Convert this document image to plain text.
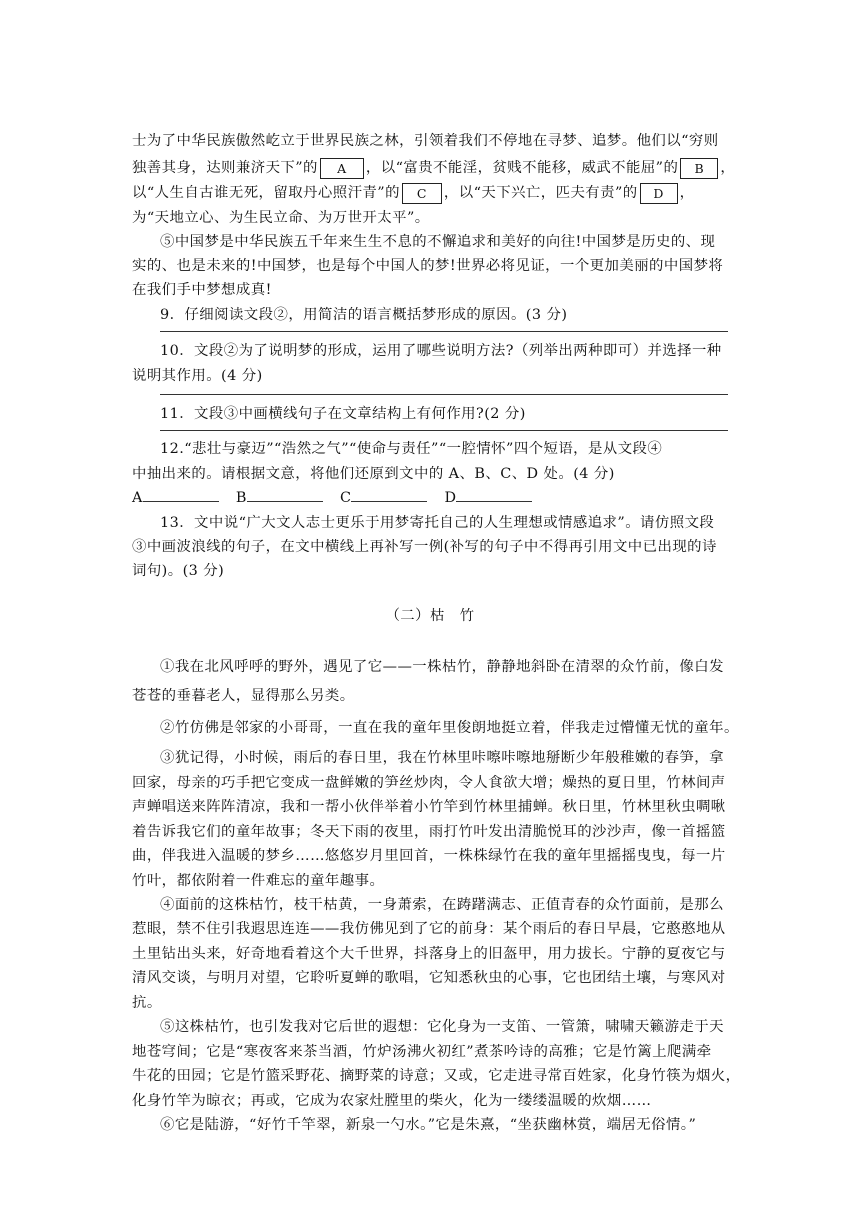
士为了中华民族傲然屹立于世界民族之林，引领着我们不停地在寻梦、追梦。他们以“穷则
独善其身，达则兼济天下”的 A ，以“富贵不能淫，贫贱不能移，威武不能屈”的 B ，
以“人生自古谁无死，留取丹心照汗青”的 C ，以“天下兴亡，匹夫有责”的 D ，
为“天地立心、为生民立命、为万世开太平”。
⑤中国梦是中华民族五千年来生生不息的不懈追求和美好的向往!中国梦是历史的、现
实的、也是未来的!中国梦，也是每个中国人的梦!世界必将见证，一个更加美丽的中国梦将
在我们手中梦想成真!
9．仔细阅读文段②，用简洁的语言概括梦形成的原因。(3 分)
10．文段②为了说明梦的形成，运用了哪些说明方法?（列举出两种即可）并选择一种
说明其作用。(4 分)
11．文段③中画横线句子在文章结构上有何作用?(2 分)
12.“悲壮与豪迈”“浩然之气”“使命与责任”“一腔情怀”四个短语，是从文段④
中抽出来的。请根据文意，将他们还原到文中的 A、B、C、D 处。(4 分)
A	B	C	D
13．文中说“广大文人志士更乐于用梦寄托自己的人生理想或情感追求”。请仿照文段
③中画波浪线的句子，在文中横线上再补写一例(补写的句子中不得再引用文中已出现的诗
词句)。(3 分)
（二）枯　竹
①我在北风呼呼的野外，遇见了它——一株枯竹，静静地斜卧在清翠的众竹前，像白发
苍苍的垂暮老人，显得那么另类。
②竹仿佛是邻家的小哥哥，一直在我的童年里俊朗地挺立着，伴我走过懵懂无忧的童年。
③犹记得，小时候，雨后的春日里，我在竹林里咔嚓咔嚓地掰断少年般稚嫩的春笋，拿
回家，母亲的巧手把它变成一盘鲜嫩的笋丝炒肉，令人食欲大增；燥热的夏日里，竹林间声
声蝉唱送来阵阵清凉，我和一帮小伙伴举着小竹竿到竹林里捕蝉。秋日里，竹林里秋虫啁啾
着告诉我它们的童年故事；冬天下雨的夜里，雨打竹叶发出清脆悦耳的沙沙声，像一首摇篮
曲，伴我进入温暖的梦乡……悠悠岁月里回首，一株株绿竹在我的童年里摇摇曳曳，每一片
竹叶，都依附着一件难忘的童年趣事。
④面前的这株枯竹，枝干枯黄，一身萧索，在踌躇满志、正值青春的众竹面前，是那么
惹眼，禁不住引我遐思连连——我仿佛见到了它的前身：某个雨后的春日早晨，它憨憨地从
土里钻出头来，好奇地看着这个大千世界，抖落身上的旧盔甲，用力拔长。宁静的夏夜它与
清风交谈，与明月对望，它聆听夏蝉的歌唱，它知悉秋虫的心事，它也团结土壤，与寒风对
抗。
⑤这株枯竹，也引发我对它后世的遐想：它化身为一支笛、一管箫，啸啸天籁游走于天
地苍穹间；它是“寒夜客来茶当酒，竹炉汤沸火初红”煮茶吟诗的高雅；它是竹篱上爬满牵
牛花的田园；它是竹篮采野花、摘野菜的诗意；又或，它走进寻常百姓家，化身竹筷为烟火，
化身竹竿为晾衣；再或，它成为农家灶膛里的柴火，化为一缕缕温暖的炊烟……
⑥它是陆游，“好竹千竿翠，新泉一勺水。”它是朱熹，“坐获幽林赏，端居无俗情。”
